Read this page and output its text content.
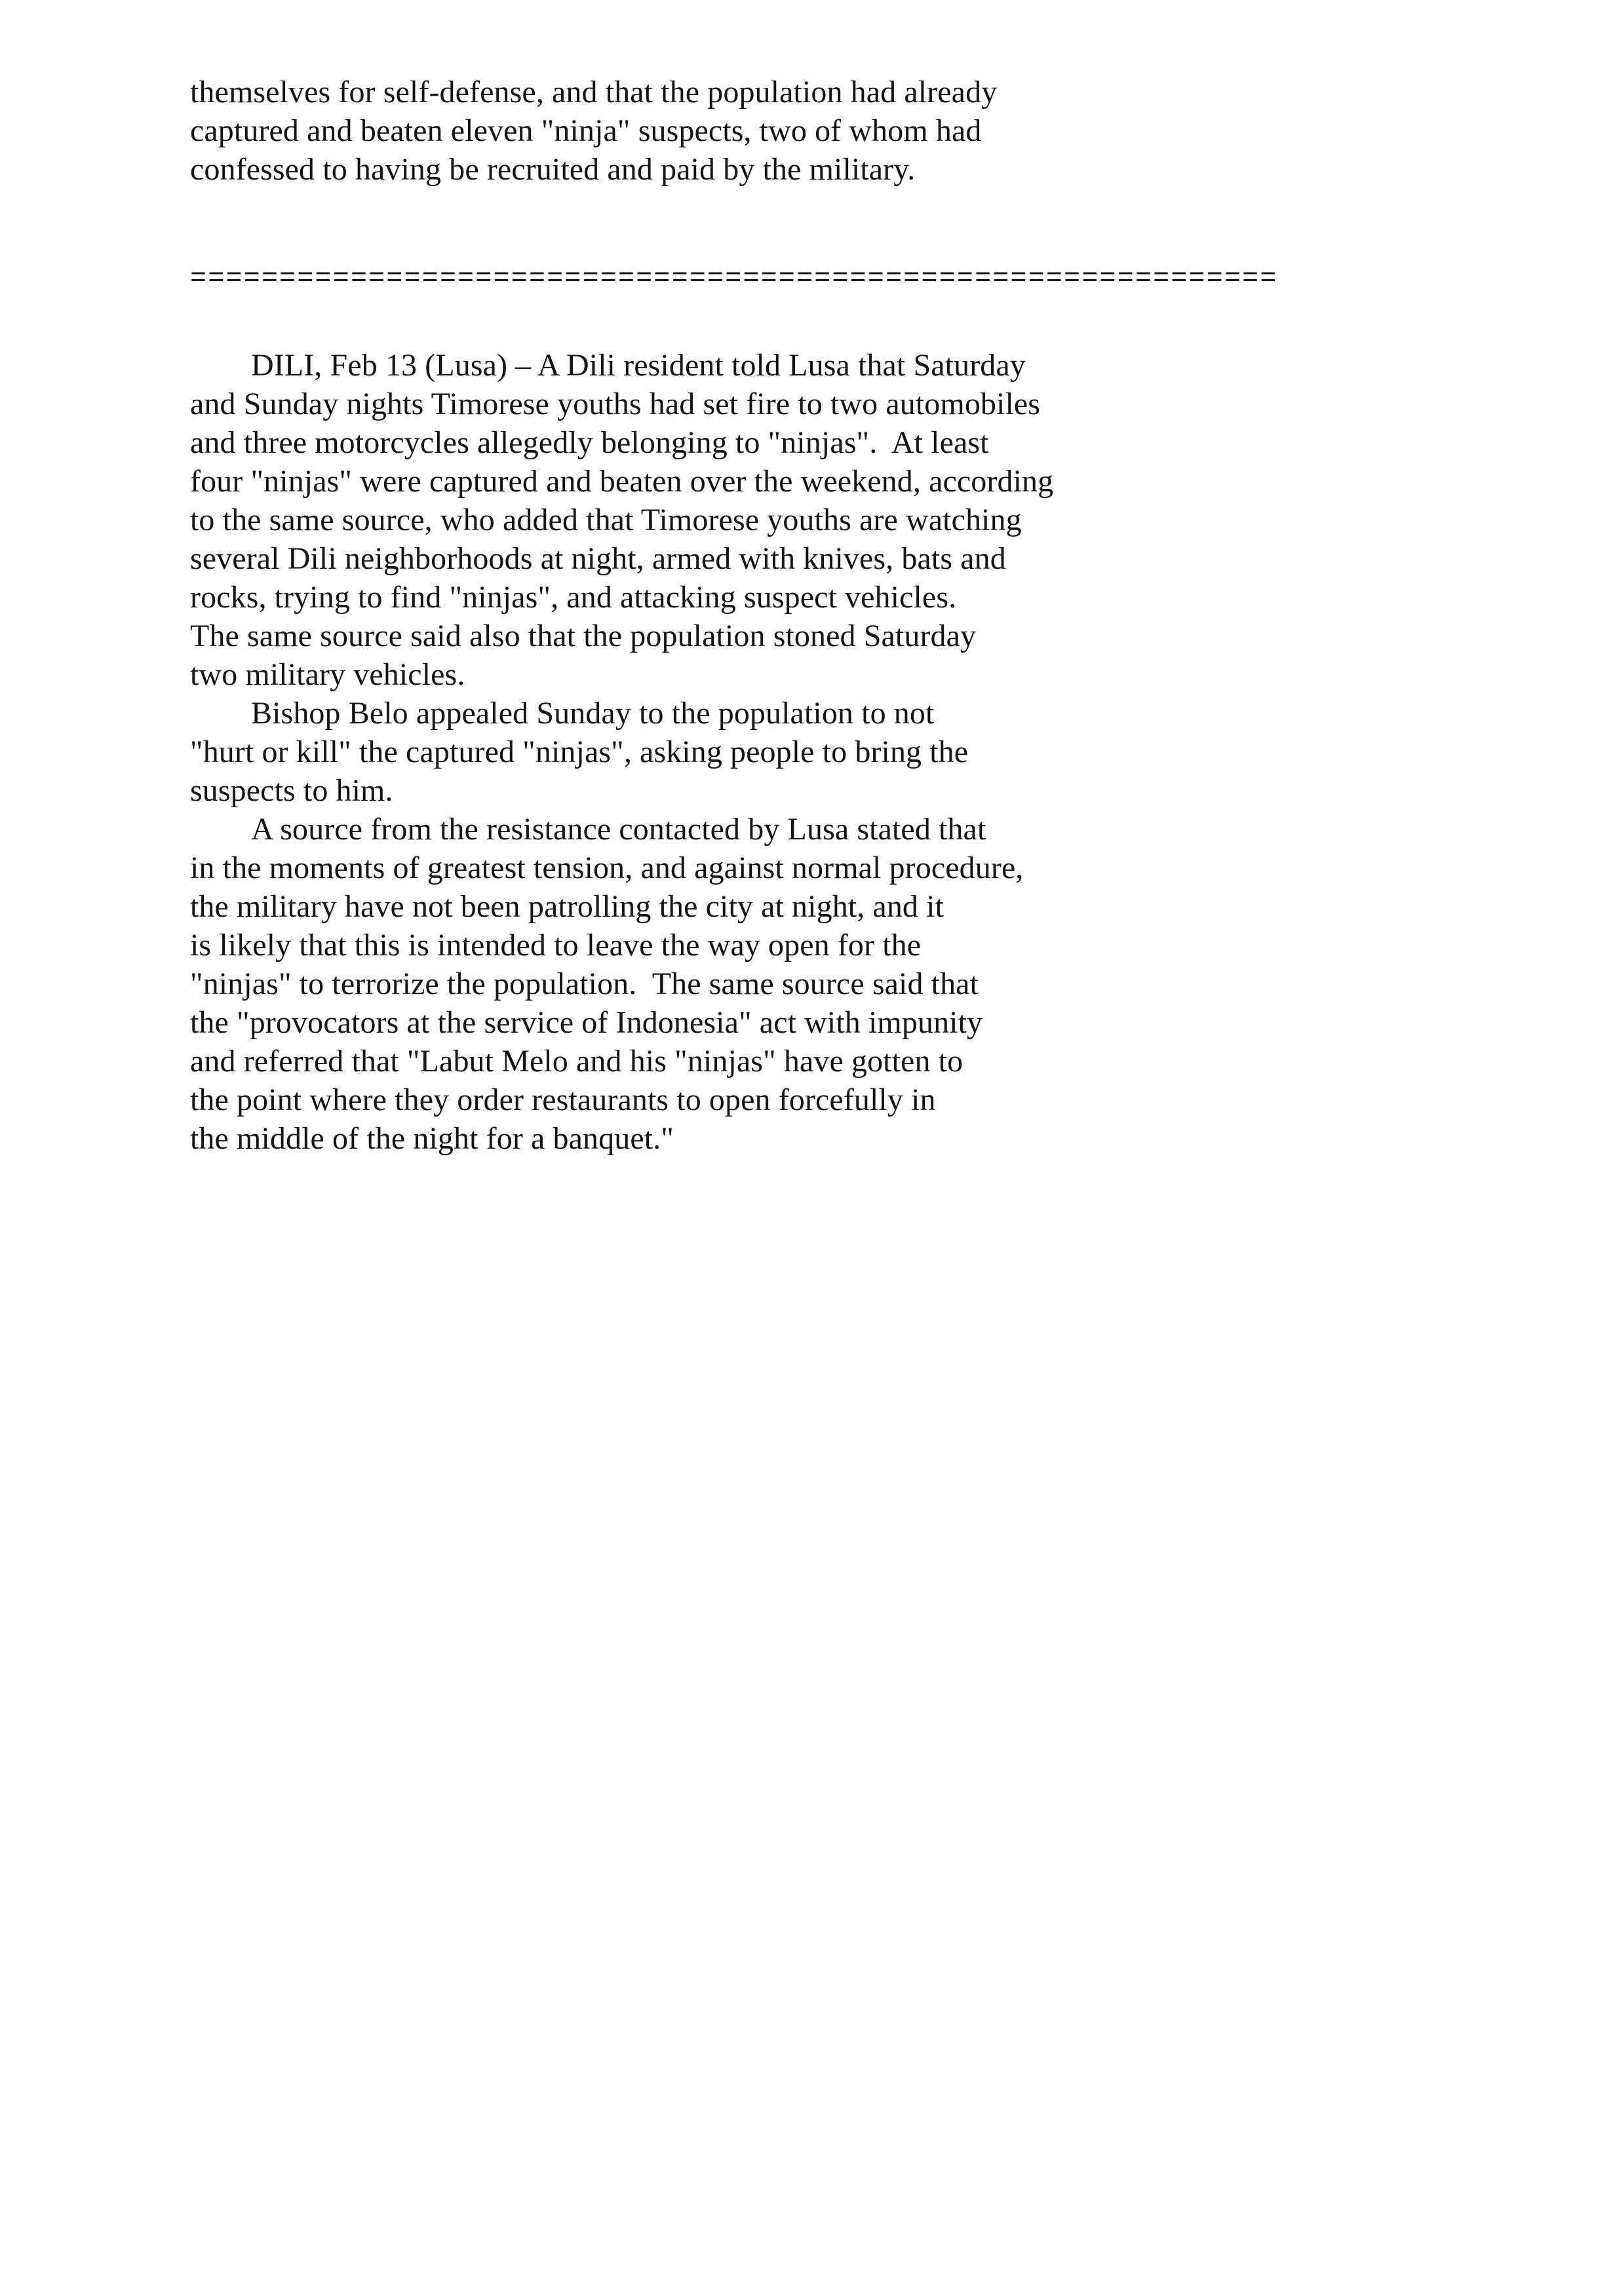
themselves for self-defense, and that the population had already
captured and beaten eleven "ninja" suspects, two of whom had
confessed to having be recruited and paid by the military.
=============================================================
DILI, Feb 13 (Lusa) – A Dili resident told Lusa that Saturday
and Sunday nights Timorese youths had set fire to two automobiles
and three motorcycles allegedly belonging to "ninjas".  At least
four "ninjas" were captured and beaten over the weekend, according
to the same source, who added that Timorese youths are watching
several Dili neighborhoods at night, armed with knives, bats and
rocks, trying to find "ninjas", and attacking suspect vehicles.
The same source said also that the population stoned Saturday
two military vehicles.
Bishop Belo appealed Sunday to the population to not
"hurt or kill" the captured "ninjas", asking people to bring the
suspects to him.
A source from the resistance contacted by Lusa stated that
in the moments of greatest tension, and against normal procedure,
the military have not been patrolling the city at night, and it
is likely that this is intended to leave the way open for the
"ninjas" to terrorize the population.  The same source said that
the "provocators at the service of Indonesia" act with impunity
and referred that "Labut Melo and his "ninjas" have gotten to
the point where they order restaurants to open forcefully in
the middle of the night for a banquet."
